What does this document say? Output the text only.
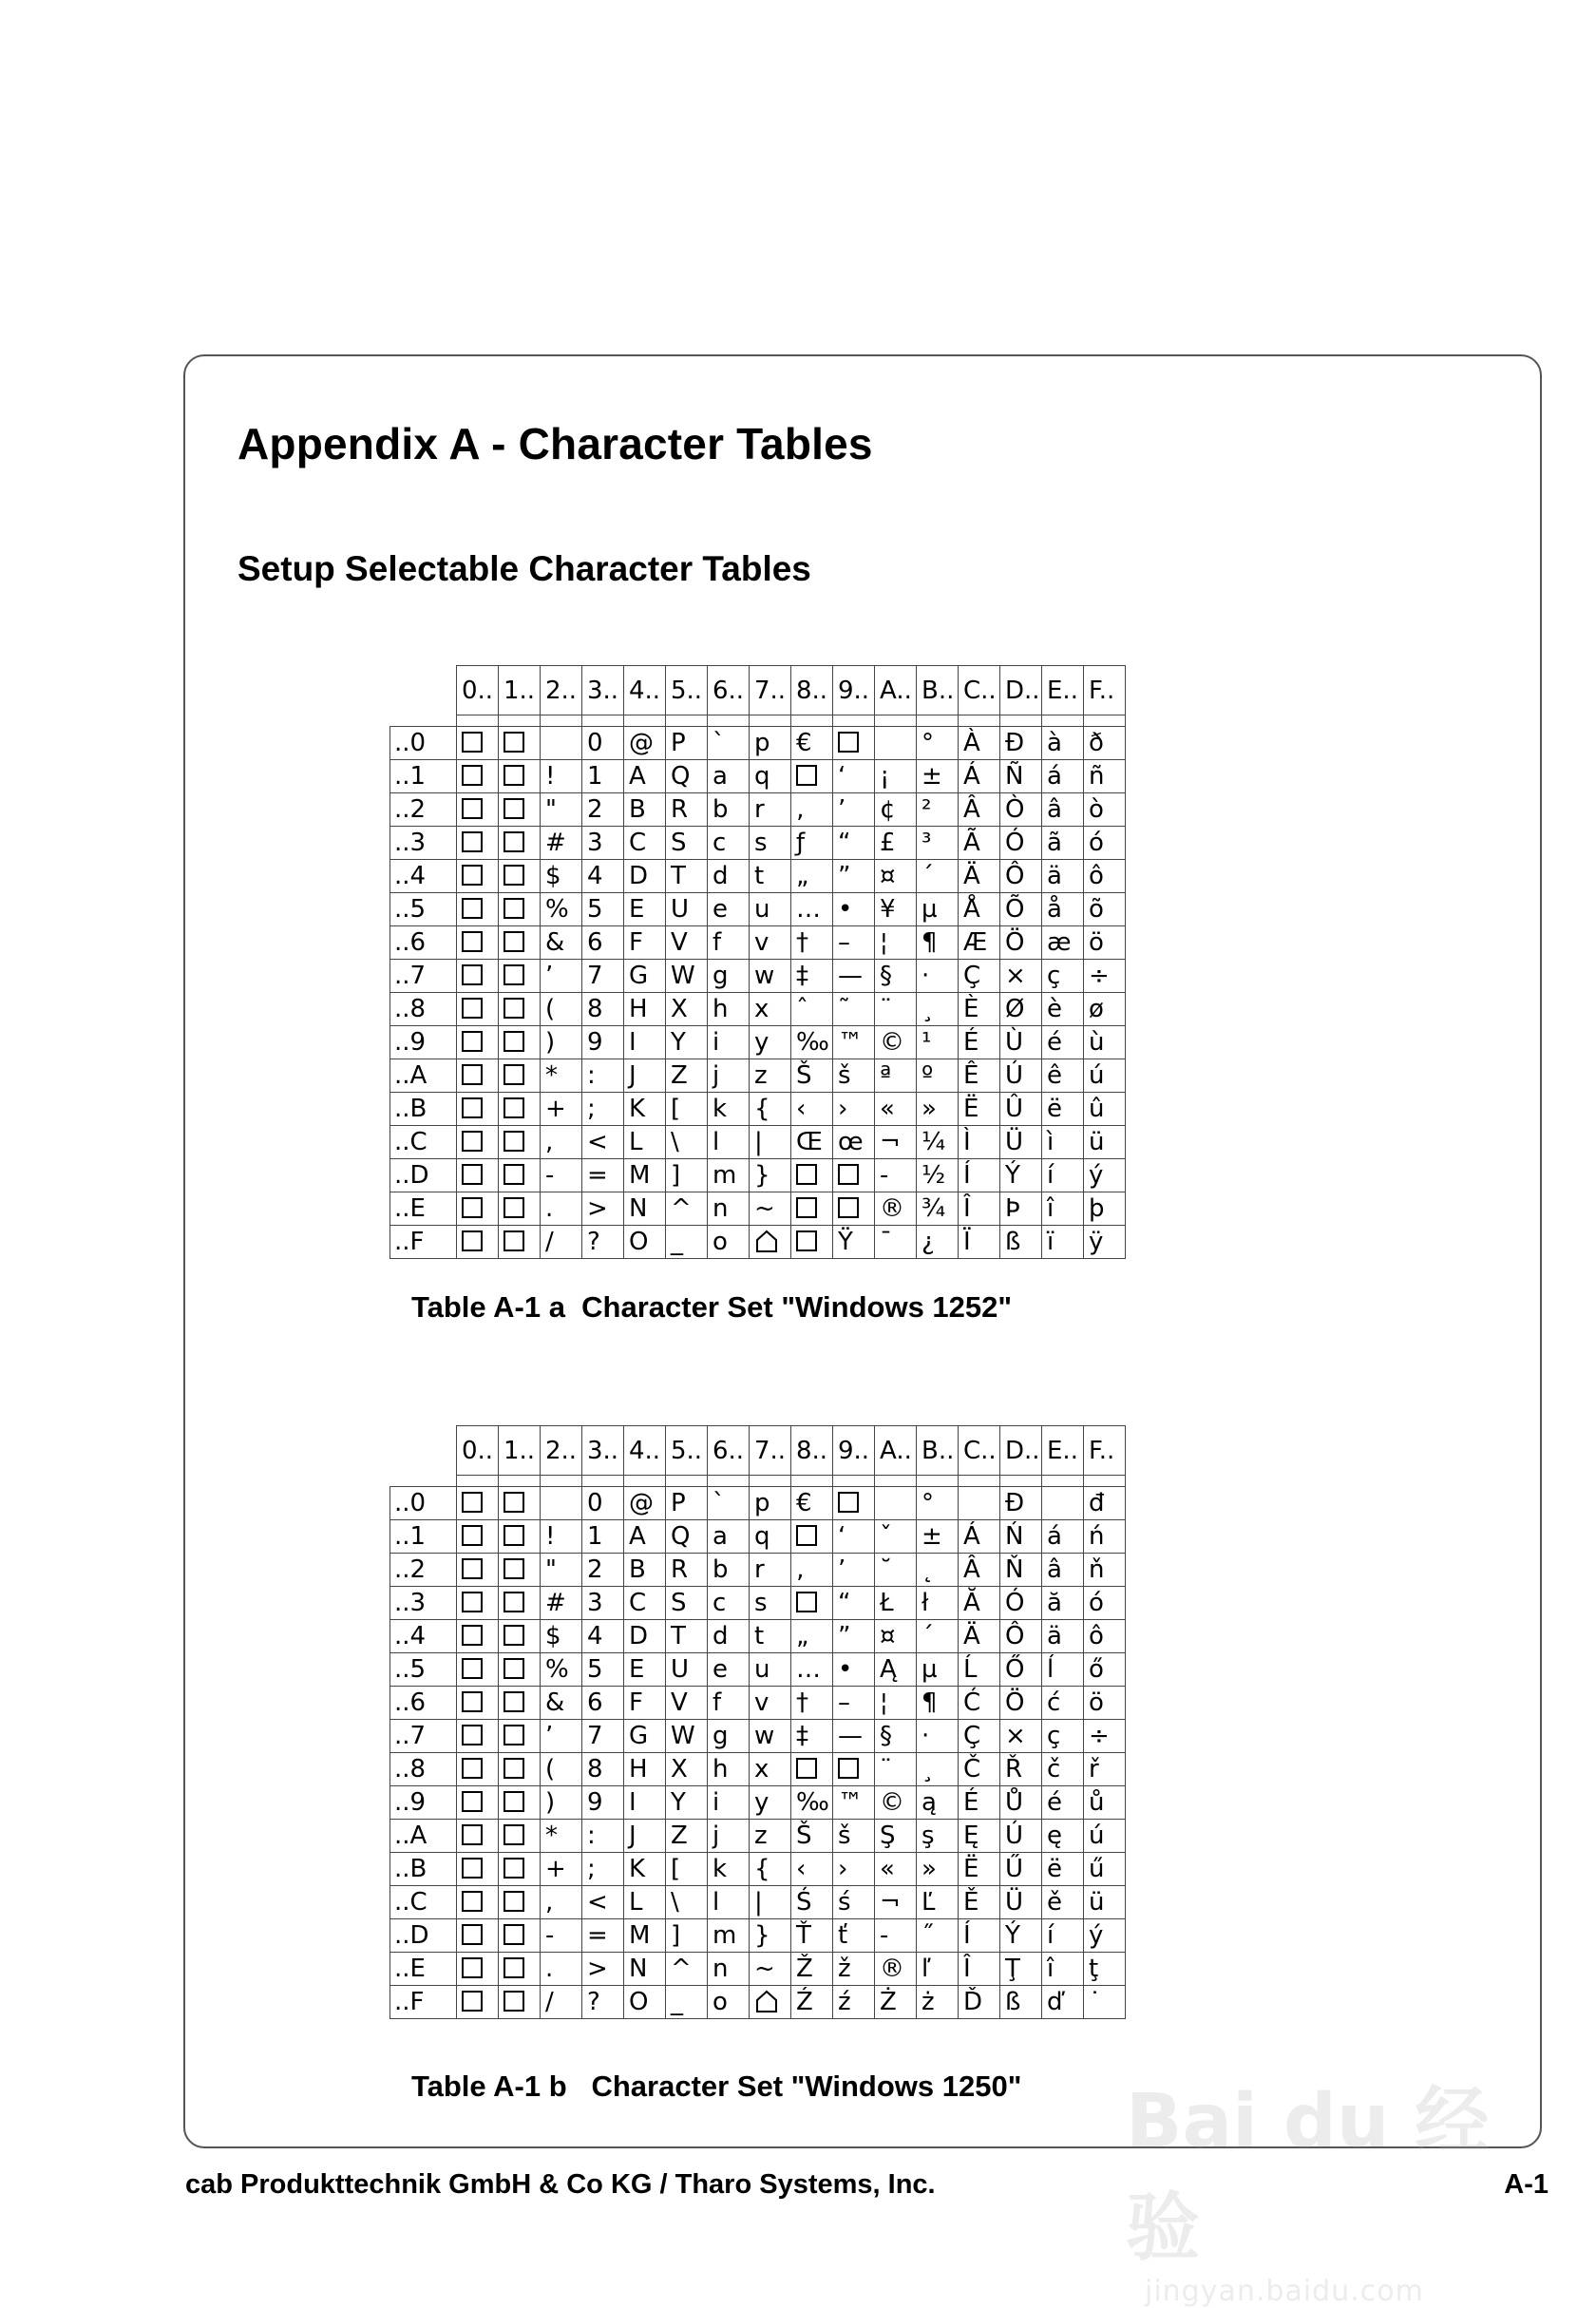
Appendix A - Character Tables
Setup Selectable Character Tables
	0..	1..	2..	3..	4..	5..	6..	7..	8..	9..	A..	B..	C..	D..	E..	F..

..0				0	@	P	`	p	€			°	À	Đ	à	ð
..1			!	1	A	Q	a	q		‘	¡	±	Á	Ñ	á	ñ
..2			"	2	B	R	b	r	‚	’	¢	²	Â	Ò	â	ò
..3			#	3	C	S	c	s	ƒ	“	£	³	Ã	Ó	ã	ó
..4			$	4	D	T	d	t	„	”	¤	´	Ä	Ô	ä	ô
..5			%	5	E	U	e	u	…	•	¥	µ	Å	Õ	å	õ
..6			&	6	F	V	f	v	†	–	¦	¶	Æ	Ö	æ	ö
..7			’	7	G	W	g	w	‡	—	§	·	Ç	×	ç	÷
..8			(	8	H	X	h	x	ˆ	˜	¨	¸	È	Ø	è	ø
..9			)	9	I	Y	i	y	‰	™	©	¹	É	Ù	é	ù
..A			*	:	J	Z	j	z	Š	š	ª	º	Ê	Ú	ê	ú
..B			+	;	K	[	k	{	‹	›	«	»	Ë	Û	ë	û
..C			,	<	L	\	l	|	Œ	œ	¬	¼	Ì	Ü	ì	ü
..D			-	=	M	]	m	}			-	½	Í	Ý	í	ý
..E			.	>	N	^	n	~			®	¾	Î	Þ	î	þ
..F			/	?	O	_	o			Ÿ	¯	¿	Ï	ß	ï	ÿ

Table A-1 a  Character Set "Windows 1252"

	0..	1..	2..	3..	4..	5..	6..	7..	8..	9..	A..	B..	C..	D..	E..	F..

..0				0	@	P	`	p	€			°		Đ		đ
..1			!	1	A	Q	a	q		‘	ˇ	±	Á	Ń	á	ń
..2			"	2	B	R	b	r	‚	’	˘	˛	Â	Ň	â	ň
..3			#	3	C	S	c	s		“	Ł	ł	Ă	Ó	ă	ó
..4			$	4	D	T	d	t	„	”	¤	´	Ä	Ô	ä	ô
..5			%	5	E	U	e	u	…	•	Ą	µ	Ĺ	Ő	ĺ	ő
..6			&	6	F	V	f	v	†	–	¦	¶	Ć	Ö	ć	ö
..7			’	7	G	W	g	w	‡	—	§	·	Ç	×	ç	÷
..8			(	8	H	X	h	x			¨	¸	Č	Ř	č	ř
..9			)	9	I	Y	i	y	‰	™	©	ą	É	Ů	é	ů
..A			*	:	J	Z	j	z	Š	š	Ş	ş	Ę	Ú	ę	ú
..B			+	;	K	[	k	{	‹	›	«	»	Ë	Ű	ë	ű
..C			,	<	L	\	l	|	Ś	ś	¬	Ľ	Ě	Ü	ě	ü
..D			-	=	M	]	m	}	Ť	ť	-	˝	Í	Ý	í	ý
..E			.	>	N	^	n	~	Ž	ž	®	ľ	Î	Ţ	î	ţ
..F			/	?	O	_	o		Ź	ź	Ż	ż	Ď	ß	ď	˙

Table A-1 b   Character Set "Windows 1250"

cab Produkttechnik GmbH & Co KG / Tharo Systems, Inc.	A-1

Bai du 经验
jingyan.baidu.com
